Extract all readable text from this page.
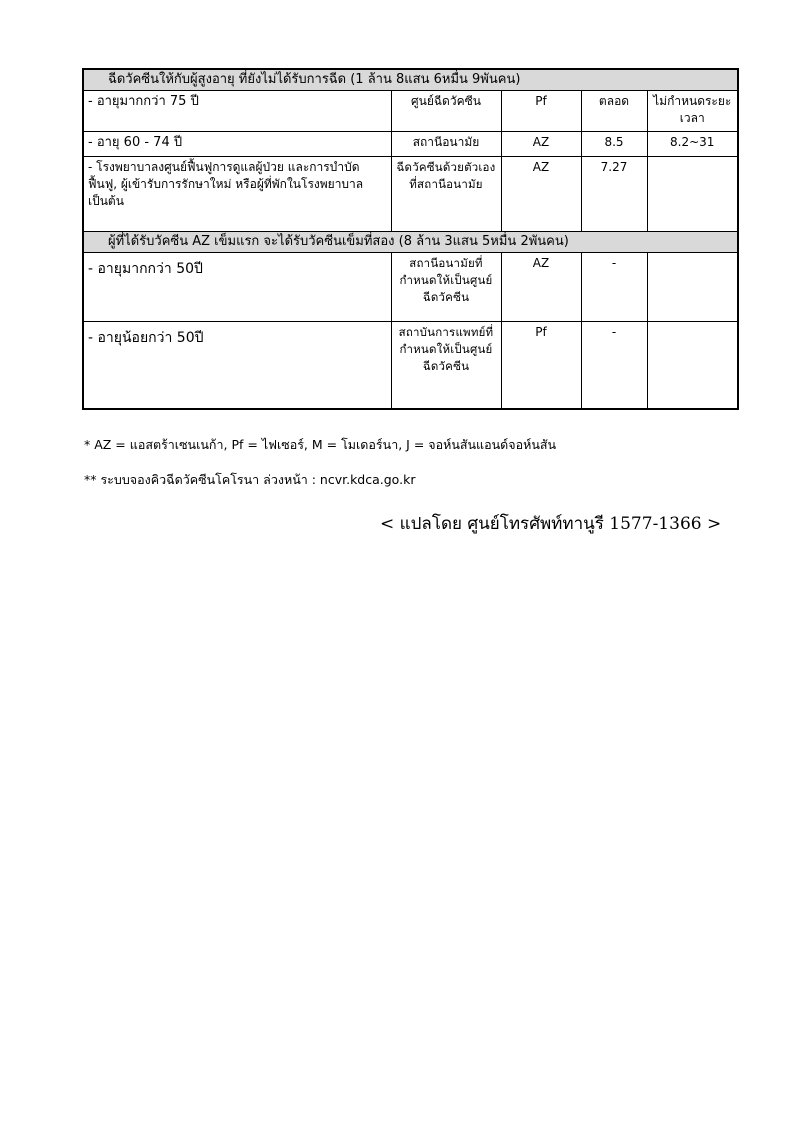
ฉีดวัคซีนให้กับผู้สูงอายุ ที่ยังไม่ได้รับการฉีด (1 ล้าน 8แสน 6หมื่น 9พันคน)				
- อายุมากกว่า 75 ปี	ศูนย์ฉีดวัคซีน	Pf	ตลอด	ไม่กำหนดระยะเวลา
- อายุ 60 - 74 ปี	สถานีอนามัย	AZ	8.5	8.2~31
- โรงพยาบาลงศูนย์ฟื้นฟูการดูแลผู้ป่วย และการบำบัดฟื้นฟู, ผู้เข้ารับการรักษาใหม่ หรือผู้ที่พักในโรงพยาบาล เป็นต้น	ฉีดวัคซีนด้วยตัวเอง ที่สถานีอนามัย	AZ	7.27	
ผู้ที่ได้รับวัคซีน AZ เข็มแรก จะได้รับวัคซีนเข็มที่สอง (8 ล้าน 3แสน 5หมื่น 2พันคน)				
- อายุมากกว่า 50ปี	สถานีอนามัยที่กำหนดให้เป็นศูนย์ฉีดวัคซีน	AZ	-	
- อายุน้อยกว่า 50ปี	สถาบันการแพทย์ที่กำหนดให้เป็นศูนย์ฉีดวัคซีน	Pf	-	
* AZ = แอสตร้าเซนเนก้า, Pf = ไฟเซอร์, M = โมเดอร์นา, J = จอห์นสันแอนด์จอห์นสัน
** ระบบจองคิวฉีดวัคซีนโคโรนา ล่วงหน้า : ncvr.kdca.go.kr
< แปลโดย ศูนย์โทรศัพท์ทานูรี 1577-1366 >
